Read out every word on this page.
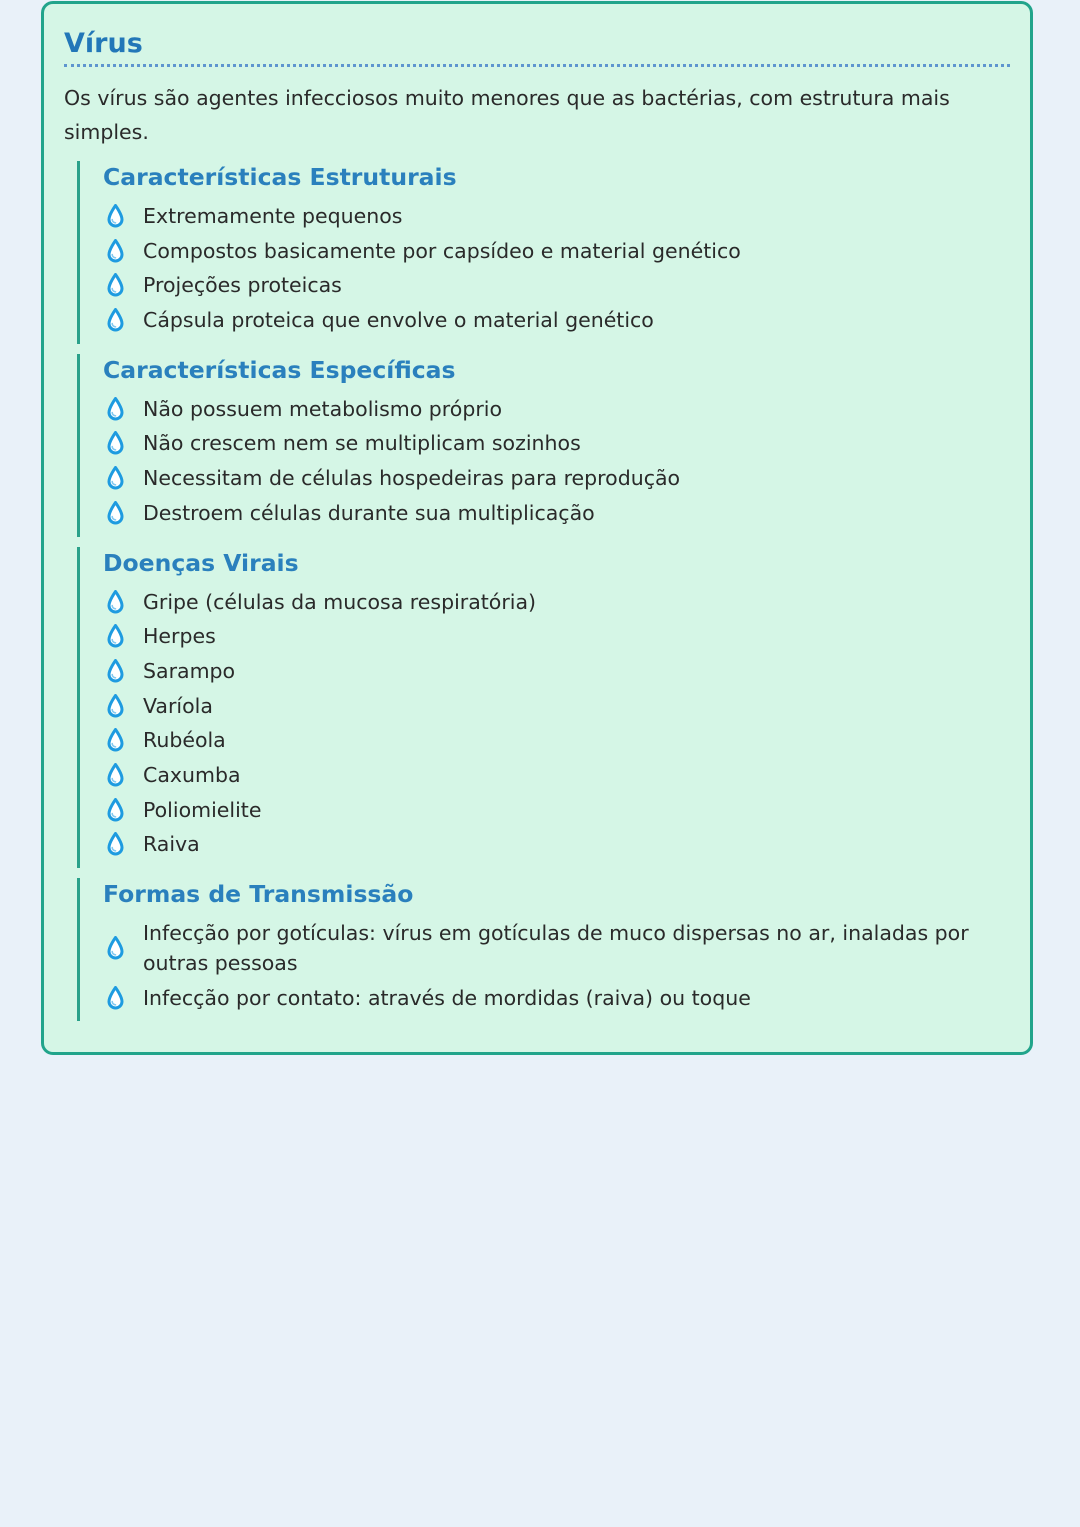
Vírus

Os vírus são agentes infecciosos muito menores que as bactérias, com estrutura mais simples.

Características Estruturais
Extremamente pequenos
Compostos basicamente por capsídeo e material genético
Projeções proteicas
Cápsula proteica que envolve o material genético
Características Específicas
Não possuem metabolismo próprio
Não crescem nem se multiplicam sozinhos
Necessitam de células hospedeiras para reprodução
Destroem células durante sua multiplicação
Doenças Virais
Gripe (células da mucosa respiratória)
Herpes
Sarampo
Varíola
Rubéola
Caxumba
Poliomielite
Raiva
Formas de Transmissão
Infecção por gotículas: vírus em gotículas de muco dispersas no ar, inaladas por outras pessoas
Infecção por contato: através de mordidas (raiva) ou toque
